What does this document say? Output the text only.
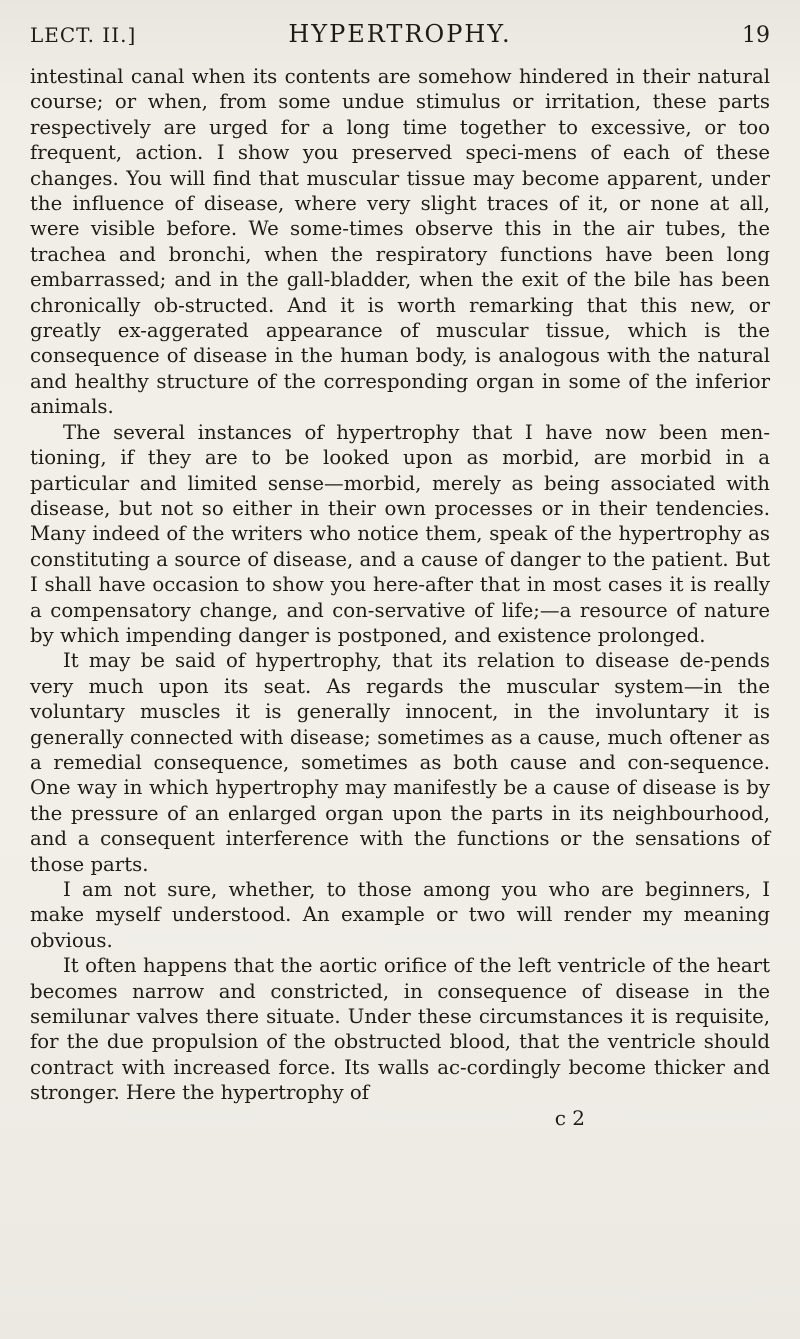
LECT. II.]	HYPERTROPHY.	19

intestinal canal when its contents are somehow hindered in their natural course; or when, from some undue stimulus or irritation, these parts respectively are urged for a long time together to excessive, or too frequent, action. I show you preserved speci-mens of each of these changes. You will find that muscular tissue may become apparent, under the influence of disease, where very slight traces of it, or none at all, were visible before. We some-times observe this in the air tubes, the trachea and bronchi, when the respiratory functions have been long embarrassed; and in the gall-bladder, when the exit of the bile has been chronically ob-structed. And it is worth remarking that this new, or greatly ex-aggerated appearance of muscular tissue, which is the consequence of disease in the human body, is analogous with the natural and healthy structure of the corresponding organ in some of the inferior animals.

The several instances of hypertrophy that I have now been men-tioning, if they are to be looked upon as morbid, are morbid in a particular and limited sense—morbid, merely as being associated with disease, but not so either in their own processes or in their tendencies. Many indeed of the writers who notice them, speak of the hypertrophy as constituting a source of disease, and a cause of danger to the patient. But I shall have occasion to show you here-after that in most cases it is really a compensatory change, and con-servative of life;—a resource of nature by which impending danger is postponed, and existence prolonged.

It may be said of hypertrophy, that its relation to disease de-pends very much upon its seat. As regards the muscular system—in the voluntary muscles it is generally innocent, in the involuntary it is generally connected with disease; sometimes as a cause, much oftener as a remedial consequence, sometimes as both cause and con-sequence. One way in which hypertrophy may manifestly be a cause of disease is by the pressure of an enlarged organ upon the parts in its neighbourhood, and a consequent interference with the functions or the sensations of those parts.

I am not sure, whether, to those among you who are beginners, I make myself understood. An example or two will render my meaning obvious.

It often happens that the aortic orifice of the left ventricle of the heart becomes narrow and constricted, in consequence of disease in the semilunar valves there situate. Under these circumstances it is requisite, for the due propulsion of the obstructed blood, that the ventricle should contract with increased force. Its walls ac-cordingly become thicker and stronger. Here the hypertrophy of

c 2
